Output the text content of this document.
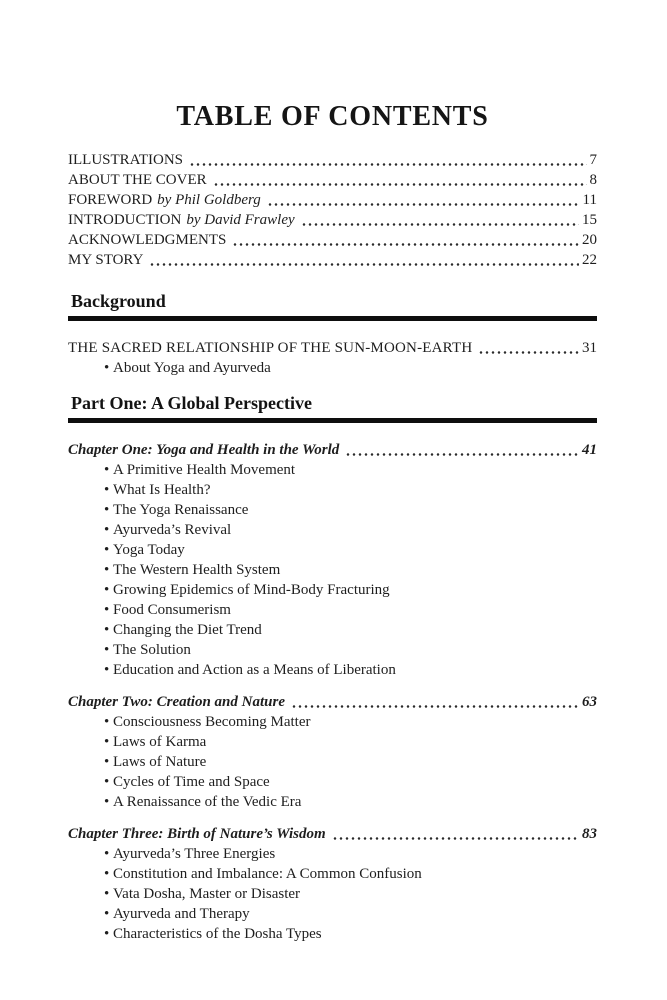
TABLE OF CONTENTS
ILLUSTRATIONS	7
ABOUT THE COVER	8
FOREWORD by Phil Goldberg	11
INTRODUCTION by David Frawley	15
ACKNOWLEDGMENTS	20
MY STORY	22
Background
THE SACRED RELATIONSHIP OF THE SUN-MOON-EARTH	31
• About Yoga and Ayurveda
Part One: A Global Perspective
Chapter One: Yoga and Health in the World	41
• A Primitive Health Movement
• What Is Health?
• The Yoga Renaissance
• Ayurveda’s Revival
• Yoga Today
• The Western Health System
• Growing Epidemics of Mind-Body Fracturing
• Food Consumerism
• Changing the Diet Trend
• The Solution
• Education and Action as a Means of Liberation
Chapter Two: Creation and Nature	63
• Consciousness Becoming Matter
• Laws of Karma
• Laws of Nature
• Cycles of Time and Space
• A Renaissance of the Vedic Era
Chapter Three: Birth of Nature’s Wisdom	83
• Ayurveda’s Three Energies
• Constitution and Imbalance: A Common Confusion
• Vata Dosha, Master or Disaster
• Ayurveda and Therapy
• Characteristics of the Dosha Types
